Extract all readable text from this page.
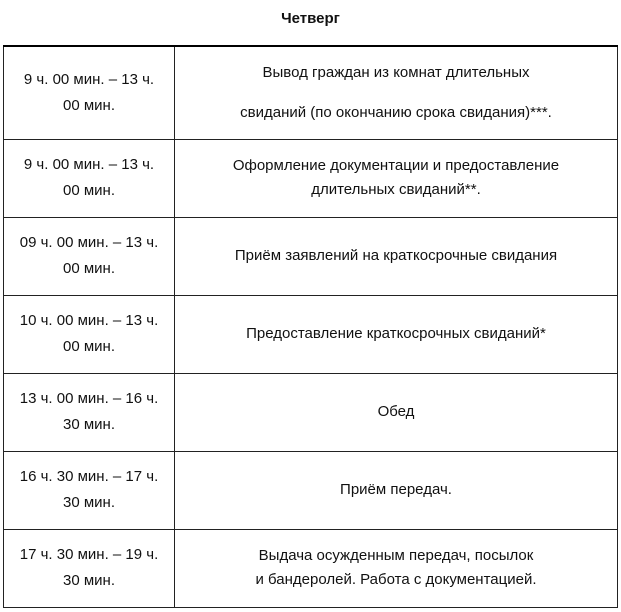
Четверг
9 ч. 00 мин. – 13 ч.
00 мин.	Вывод граждан из комнат длительных
свиданий (по окончанию срока свидания)***.

9 ч. 00 мин. – 13 ч.
00 мин.	Оформление документации и предоставление
длительных свиданий**.

09 ч. 00 мин. – 13 ч.
00 мин.	Приём заявлений на краткосрочные свидания

10 ч. 00 мин. – 13 ч.
00 мин.	Предоставление краткосрочных свиданий*

13 ч. 00 мин. – 16 ч.
30 мин.	Обед

16 ч. 30 мин. – 17 ч.
30 мин.	Приём передач.

17 ч. 30 мин. – 19 ч.
30 мин.	Выдача осужденным передач, посылок
и бандеролей. Работа с документацией.
